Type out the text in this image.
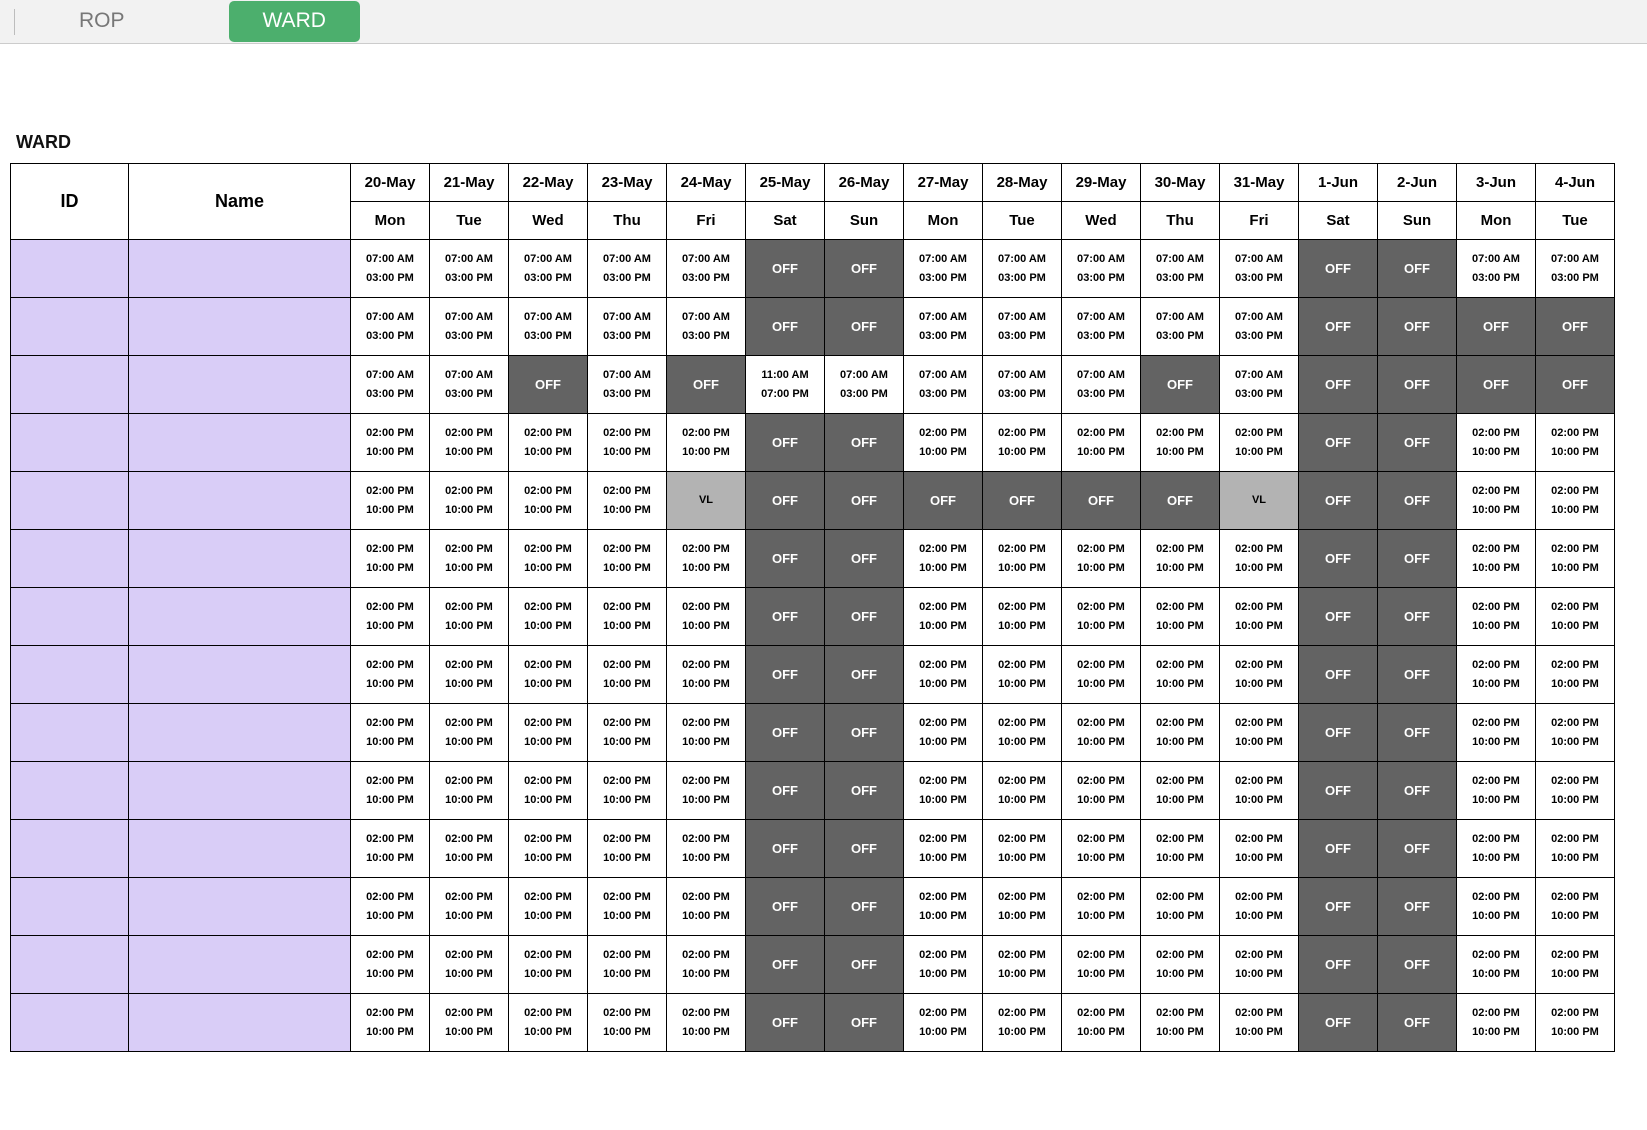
ROP	WARD
WARD
ID	Name	20-May	21-May	22-May	23-May	24-May	25-May	26-May	27-May	28-May	29-May	30-May	31-May	1-Jun	2-Jun	3-Jun	4-Jun
		Mon	Tue	Wed	Thu	Fri	Sat	Sun	Mon	Tue	Wed	Thu	Fri	Sat	Sun	Mon	Tue

		07:00 AM
03:00 PM	07:00 AM
03:00 PM	07:00 AM
03:00 PM	07:00 AM
03:00 PM	07:00 AM
03:00 PM	OFF	OFF	07:00 AM
03:00 PM	07:00 AM
03:00 PM	07:00 AM
03:00 PM	07:00 AM
03:00 PM	07:00 AM
03:00 PM	OFF	OFF	07:00 AM
03:00 PM	07:00 AM
03:00 PM

		07:00 AM
03:00 PM	07:00 AM
03:00 PM	07:00 AM
03:00 PM	07:00 AM
03:00 PM	07:00 AM
03:00 PM	OFF	OFF	07:00 AM
03:00 PM	07:00 AM
03:00 PM	07:00 AM
03:00 PM	07:00 AM
03:00 PM	07:00 AM
03:00 PM	OFF	OFF	OFF	OFF

		07:00 AM
03:00 PM	07:00 AM
03:00 PM	OFF	07:00 AM
03:00 PM	OFF	11:00 AM
07:00 PM	07:00 AM
03:00 PM	07:00 AM
03:00 PM	07:00 AM
03:00 PM	07:00 AM
03:00 PM	OFF	07:00 AM
03:00 PM	OFF	OFF	OFF	OFF

		02:00 PM
10:00 PM	02:00 PM
10:00 PM	02:00 PM
10:00 PM	02:00 PM
10:00 PM	02:00 PM
10:00 PM	OFF	OFF	02:00 PM
10:00 PM	02:00 PM
10:00 PM	02:00 PM
10:00 PM	02:00 PM
10:00 PM	02:00 PM
10:00 PM	OFF	OFF	02:00 PM
10:00 PM	02:00 PM
10:00 PM

		02:00 PM
10:00 PM	02:00 PM
10:00 PM	02:00 PM
10:00 PM	02:00 PM
10:00 PM	VL	OFF	OFF	OFF	OFF	OFF	OFF	VL	OFF	OFF	02:00 PM
10:00 PM	02:00 PM
10:00 PM

		02:00 PM
10:00 PM	02:00 PM
10:00 PM	02:00 PM
10:00 PM	02:00 PM
10:00 PM	02:00 PM
10:00 PM	OFF	OFF	02:00 PM
10:00 PM	02:00 PM
10:00 PM	02:00 PM
10:00 PM	02:00 PM
10:00 PM	02:00 PM
10:00 PM	OFF	OFF	02:00 PM
10:00 PM	02:00 PM
10:00 PM

		02:00 PM
10:00 PM	02:00 PM
10:00 PM	02:00 PM
10:00 PM	02:00 PM
10:00 PM	02:00 PM
10:00 PM	OFF	OFF	02:00 PM
10:00 PM	02:00 PM
10:00 PM	02:00 PM
10:00 PM	02:00 PM
10:00 PM	02:00 PM
10:00 PM	OFF	OFF	02:00 PM
10:00 PM	02:00 PM
10:00 PM

		02:00 PM
10:00 PM	02:00 PM
10:00 PM	02:00 PM
10:00 PM	02:00 PM
10:00 PM	02:00 PM
10:00 PM	OFF	OFF	02:00 PM
10:00 PM	02:00 PM
10:00 PM	02:00 PM
10:00 PM	02:00 PM
10:00 PM	02:00 PM
10:00 PM	OFF	OFF	02:00 PM
10:00 PM	02:00 PM
10:00 PM

		02:00 PM
10:00 PM	02:00 PM
10:00 PM	02:00 PM
10:00 PM	02:00 PM
10:00 PM	02:00 PM
10:00 PM	OFF	OFF	02:00 PM
10:00 PM	02:00 PM
10:00 PM	02:00 PM
10:00 PM	02:00 PM
10:00 PM	02:00 PM
10:00 PM	OFF	OFF	02:00 PM
10:00 PM	02:00 PM
10:00 PM

		02:00 PM
10:00 PM	02:00 PM
10:00 PM	02:00 PM
10:00 PM	02:00 PM
10:00 PM	02:00 PM
10:00 PM	OFF	OFF	02:00 PM
10:00 PM	02:00 PM
10:00 PM	02:00 PM
10:00 PM	02:00 PM
10:00 PM	02:00 PM
10:00 PM	OFF	OFF	02:00 PM
10:00 PM	02:00 PM
10:00 PM

		02:00 PM
10:00 PM	02:00 PM
10:00 PM	02:00 PM
10:00 PM	02:00 PM
10:00 PM	02:00 PM
10:00 PM	OFF	OFF	02:00 PM
10:00 PM	02:00 PM
10:00 PM	02:00 PM
10:00 PM	02:00 PM
10:00 PM	02:00 PM
10:00 PM	OFF	OFF	02:00 PM
10:00 PM	02:00 PM
10:00 PM

		02:00 PM
10:00 PM	02:00 PM
10:00 PM	02:00 PM
10:00 PM	02:00 PM
10:00 PM	02:00 PM
10:00 PM	OFF	OFF	02:00 PM
10:00 PM	02:00 PM
10:00 PM	02:00 PM
10:00 PM	02:00 PM
10:00 PM	02:00 PM
10:00 PM	OFF	OFF	02:00 PM
10:00 PM	02:00 PM
10:00 PM

		02:00 PM
10:00 PM	02:00 PM
10:00 PM	02:00 PM
10:00 PM	02:00 PM
10:00 PM	02:00 PM
10:00 PM	OFF	OFF	02:00 PM
10:00 PM	02:00 PM
10:00 PM	02:00 PM
10:00 PM	02:00 PM
10:00 PM	02:00 PM
10:00 PM	OFF	OFF	02:00 PM
10:00 PM	02:00 PM
10:00 PM

		02:00 PM
10:00 PM	02:00 PM
10:00 PM	02:00 PM
10:00 PM	02:00 PM
10:00 PM	02:00 PM
10:00 PM	OFF	OFF	02:00 PM
10:00 PM	02:00 PM
10:00 PM	02:00 PM
10:00 PM	02:00 PM
10:00 PM	02:00 PM
10:00 PM	OFF	OFF	02:00 PM
10:00 PM	02:00 PM
10:00 PM
